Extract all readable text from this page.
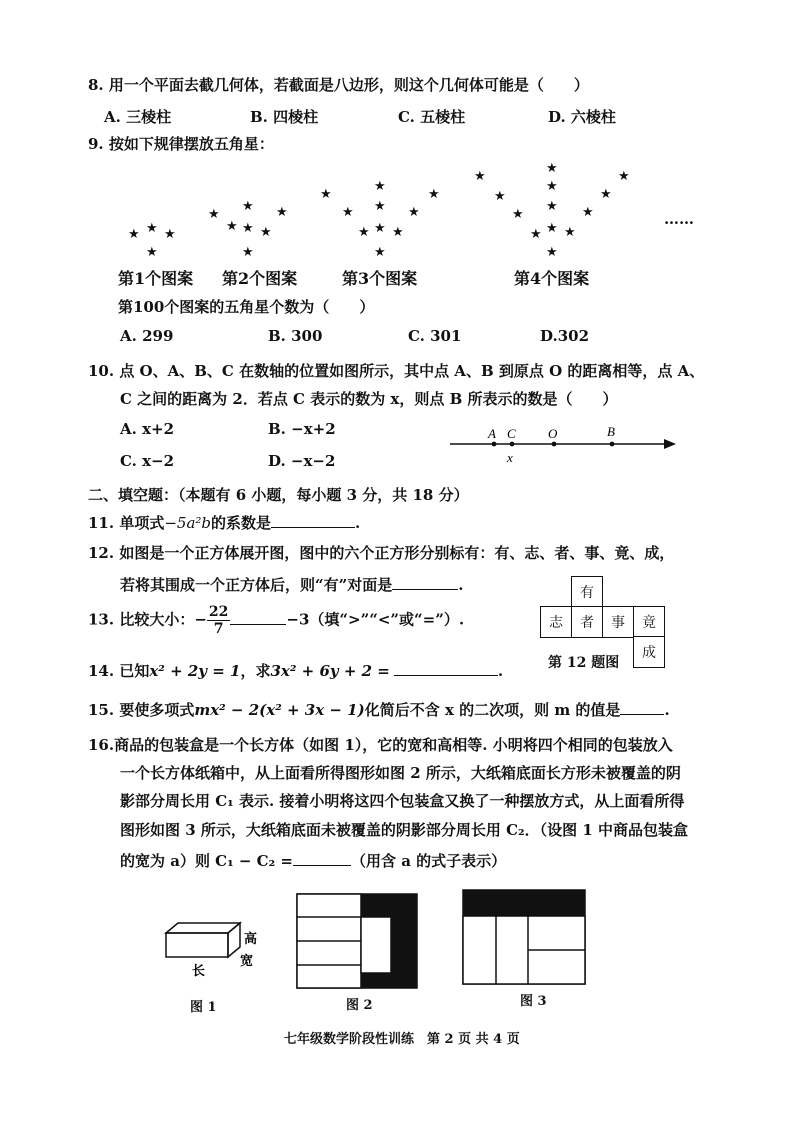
8. 用一个平面去截几何体，若截面是八边形，则这个几何体可能是（　　）
A. 三棱柱	B. 四棱柱	C. 五棱柱	D. 六棱柱
9. 按如下规律摆放五角星：
★ ★ ★
★
★
★
★
★ ★
★
★
★
★
★
★
★
★
★
★
★
★
★
★
★
★
★
★
★
★
★
★
★
★
★
……
第1个图案 第2个图案	第3个图案	第4个图案
第100个图案的五角星个数为（　　）
A. 299	B. 300	C. 301	D.302
10. 点 O、A、B、C 在数轴的位置如图所示，其中点 A、B 到原点 O 的距离相等，点 A、
C 之间的距离为 2．若点 C 表示的数为 x，则点 B 所表示的数是（　　）
A. x+2	B. −x+2
C. x−2	D. −x−2
A C O	B
x
二、填空题：（本题有 6 小题，每小题 3 分，共 18 分）
11. 单项式−5a²b的系数是	.
12. 如图是一个正方体展开图，图中的六个正方形分别标有：有、志、者、事、竟、成，
若将其围成一个正方体后，则“有”对面是	.	有
志	者	事	竟
成
第 12 题图
13. 比较大小：− $\frac{22}{7}$	−3（填“>”“<”或“=”）.
14. 已知x² + 2y = 1，求3x² + 6y + 2 =	.
15. 要使多项式mx² − 2(x² + 3x − 1)化简后不含 x 的二次项，则 m 的值是	.
16.商品的包装盒是一个长方体（如图 1），它的宽和高相等. 小明将四个相同的包装放入
一个长方体纸箱中，从上面看所得图形如图 2 所示，大纸箱底面长方形未被覆盖的阴
影部分周长用 C₁ 表示. 接着小明将这四个包装盒又换了一种摆放方式，从上面看所得
图形如图 3 所示，大纸箱底面未被覆盖的阴影部分周长用 C₂．（设图 1 中商品包装盒
的宽为 a）则 C₁ − C₂ =	（用含 a 的式子表示）
高
宽
长
图 1	图 2	图 3
七年级数学阶段性训练　第 2 页 共 4 页
